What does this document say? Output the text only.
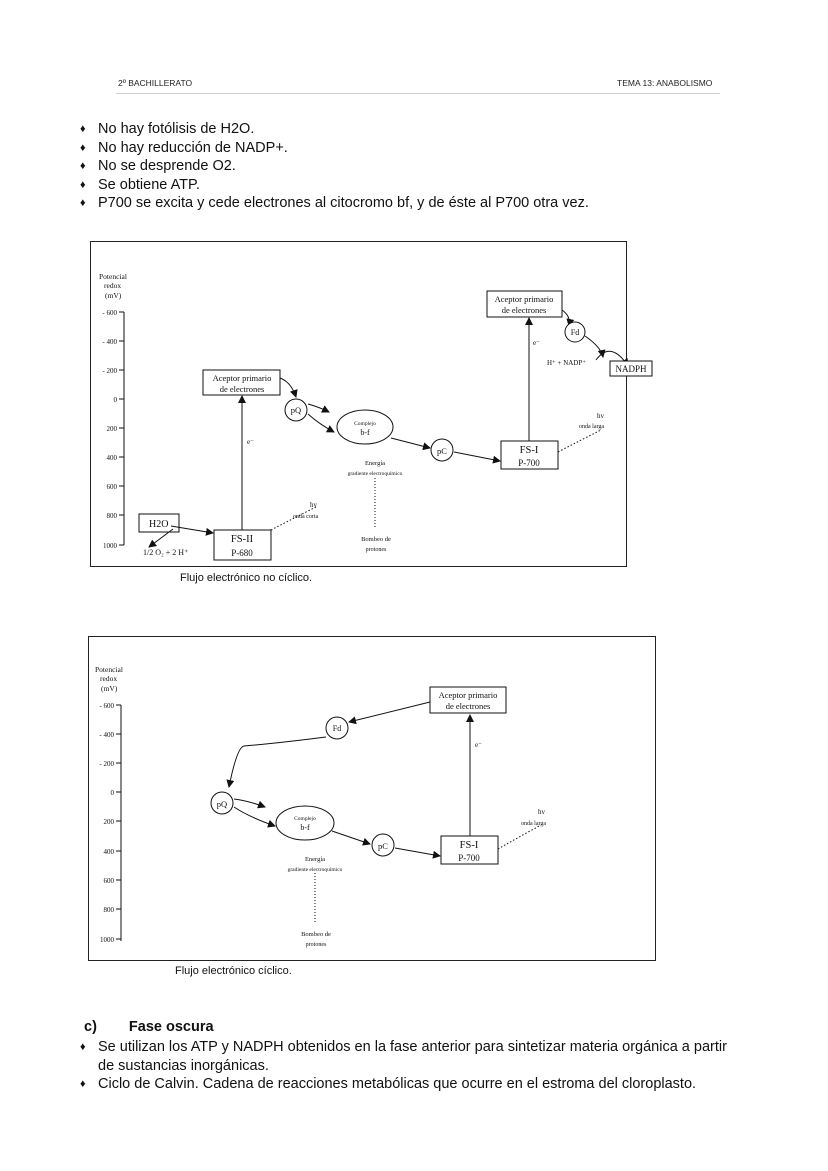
2º BACHILLERATO	TEMA 13: ANABOLISMO
♦ No hay fotólisis de H2O.
♦ No hay reducción de NADP+.
♦ No se desprende O2.
♦ Se obtiene ATP.
♦ P700 se excita y cede electrones al citocromo bf, y de éste al P700 otra vez.
Potencial
redox
(mV)
- 600
- 400
- 200
0
200
400
600
800
1000
H2O
1/2 O₂ + 2 H⁺
FS-II
P-680
e⁻
hv
onda corta
Aceptor primario
de electrones
pQ
Complejo
b-f
Energía
gradiente electroquímico
Bombeo de
protones
pC	FS-I
P-700
e⁻
hv
onda larga
Aceptor primario
de electrones
Fd
H⁺ + NADP⁺
NADPH
Flujo electrónico no cíclico.
Potencial
redox
(mV)
- 600
- 400
- 200
0
200
400
600
800
1000
Aceptor primario
de electrones
Fd
pQ
Complejo
b-f
Energía
gradiente electroquímico
Bombeo de
protones
pC	FS-I
P-700
e⁻
hv
onda larga
Flujo electrónico cíclico.
c) Fase oscura
♦ Se utilizan los ATP y NADPH obtenidos en la fase anterior para sintetizar materia orgánica a partir de sustancias inorgánicas.
♦ Ciclo de Calvin. Cadena de reacciones metabólicas que ocurre en el estroma del cloroplasto.
